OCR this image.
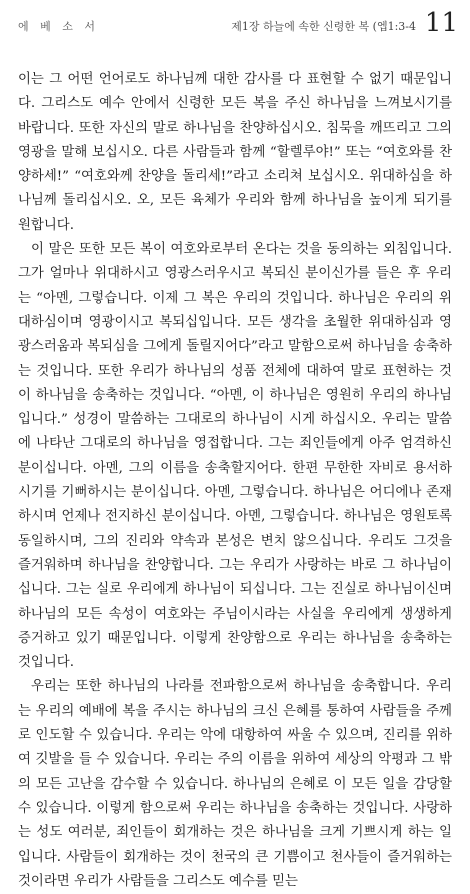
에 베 소 서	제1장 하늘에 속한 신령한 복 (엡1:3-4 11

이는 그 어떤 언어로도 하나님께 대한 감사를 다 표현할 수 없기 때문입니다. 그리스도 예수 안에서 신령한 모든 복을 주신 하나님을 느껴보시기를 바랍니다. 또한 자신의 말로 하나님을 찬양하십시오. 침묵을 깨뜨리고 그의 영광을 말해 보십시오. 다른 사람들과 함께 “할렐루야!” 또는 “여호와를 찬양하세!” “여호와께 찬양을 돌리세!”라고 소리쳐 보십시오. 위대하심을 하나님께 돌리십시오. 오, 모든 육체가 우리와 함께 하나님을 높이게 되기를 원합니다.

이 말은 또한 모든 복이 여호와로부터 온다는 것을 동의하는 외침입니다. 그가 얼마나 위대하시고 영광스러우시고 복되신 분이신가를 들은 후 우리는 “아멘, 그렇습니다. 이제 그 복은 우리의 것입니다. 하나님은 우리의 위대하심이며 영광이시고 복되십입니다. 모든 생각을 초월한 위대하심과 영광스러움과 복되심을 그에게 돌릴지어다”라고 말함으로써 하나님을 송축하는 것입니다. 또한 우리가 하나님의 성품 전체에 대하여 말로 표현하는 것이 하나님을 송축하는 것입니다. “아멘, 이 하나님은 영원히 우리의 하나님입니다.” 성경이 말씀하는 그대로의 하나님이 시게 하십시오. 우리는 말씀에 나타난 그대로의 하나님을 영접합니다. 그는 죄인들에게 아주 엄격하신 분이십니다. 아멘, 그의 이름을 송축할지어다. 한편 무한한 자비로 용서하시기를 기뻐하시는 분이십니다. 아멘, 그렇습니다. 하나님은 어디에나 존재하시며 언제나 전지하신 분이십니다. 아멘, 그렇습니다. 하나님은 영원토록 동일하시며, 그의 진리와 약속과 본성은 변치 않으십니다. 우리도 그것을 즐거워하며 하나님을 찬양합니다. 그는 우리가 사랑하는 바로 그 하나님이십니다. 그는 실로 우리에게 하나님이 되십니다. 그는 진실로 하나님이신며 하나님의 모든 속성이 여호와는 주님이시라는 사실을 우리에게 생생하게 증거하고 있기 때문입니다. 이렇게 찬양함으로 우리는 하나님을 송축하는 것입니다.

우리는 또한 하나님의 나라를 전파함으로써 하나님을 송축합니다. 우리는 우리의 예배에 복을 주시는 하나님의 크신 은혜를 통하여 사람들을 주께로 인도할 수 있습니다. 우리는 악에 대항하여 싸울 수 있으며, 진리를 위하여 깃발을 들 수 있습니다. 우리는 주의 이름을 위하여 세상의 악평과 그 밖의 모든 고난을 감수할 수 있습니다. 하나님의 은혜로 이 모든 일을 감당할 수 있습니다. 이렇게 함으로써 우리는 하나님을 송축하는 것입니다. 사랑하는 성도 여러분, 죄인들이 회개하는 것은 하나님을 크게 기쁘시게 하는 일입니다. 사람들이 회개하는 것이 천국의 큰 기쁨이고 천사들이 즐거워하는 것이라면 우리가 사람들을 그리스도 예수를 믿는
